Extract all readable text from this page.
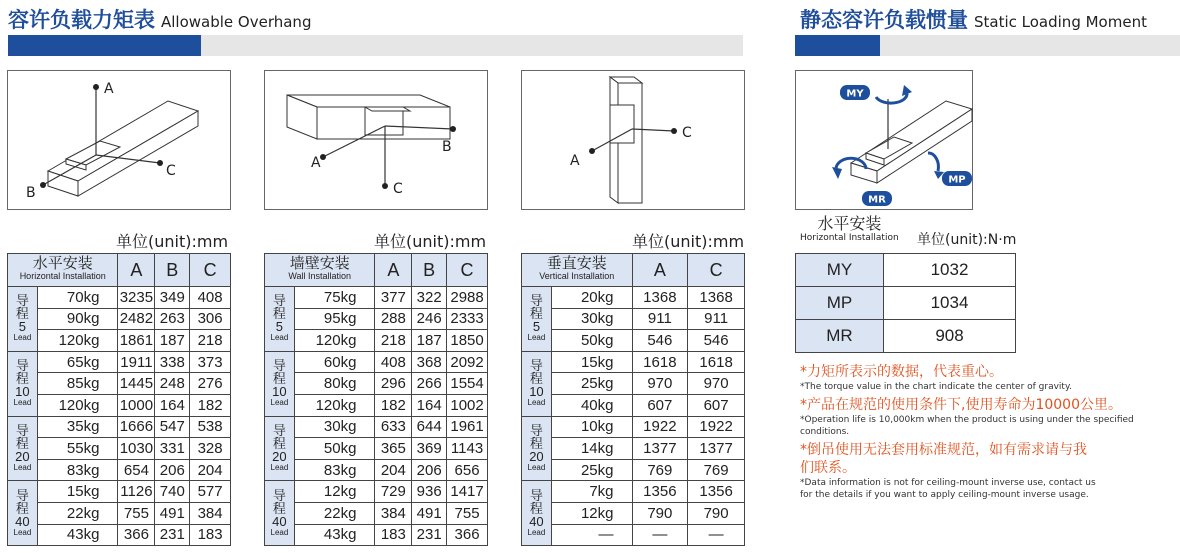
容许负载力矩表 Allowable Overhang	静态容许负载惯量 Static Loading Moment
A
C
B
A
C
B
A
C
MY
MP
MR
单位(unit):mm	单位(unit):mm	单位(unit):mm
水平安装
Horizontal Installation		A	B	C

导
程
5
Lead	70kg	3235	349	408
	90kg	2482	263	306
	120kg	1861	187	218

导
程
10
Lead	65kg	1911	338	373
	85kg	1445	248	276
	120kg	1000	164	182

导
程
20
Lead	35kg	1666	547	538
	55kg	1030	331	328
	83kg	654	206	204

导
程
40
Lead	15kg	1126	740	577
	22kg	755	491	384
	43kg	366	231	183
墙壁安装
Wall Installation		A	B	C

导
程
5
Lead	75kg	377	322	2988
	95kg	288	246	2333
	120kg	218	187	1850

导
程
10
Lead	60kg	408	368	2092
	80kg	296	266	1554
	120kg	182	164	1002

导
程
20
Lead	30kg	633	644	1961
	50kg	365	369	1143
	83kg	204	206	656

导
程
40
Lead	12kg	729	936	1417
	22kg	384	491	755
	43kg	183	231	366
垂直安装
Vertical Installation		A	C

导
程
5
Lead	20kg	1368	1368
	30kg	911	911
	50kg	546	546

导
程
10
Lead	15kg	1618	1618
	25kg	970	970
	40kg	607	607

导
程
20
Lead	10kg	1922	1922
	14kg	1377	1377
	25kg	769	769

导
程
40
Lead	7kg	1356	1356
	12kg	790	790
	—	—	—
水平安装
Horizontal Installation 单位(unit):N·m
MY	1032
MP	1034
MR	908
*力矩所表示的数据，代表重心。
*The torque value in the chart indicate the center of gravity.
*产品在规范的使用条件下,使用寿命为10000公里。
*Operation life is 10,000km when the product is using under the specified conditions.
*倒吊使用无法套用标准规范，如有需求请与我们联系。
*Data information is not for ceiling-mount inverse use, contact us for the details if you want to apply ceiling-mount inverse usage.
